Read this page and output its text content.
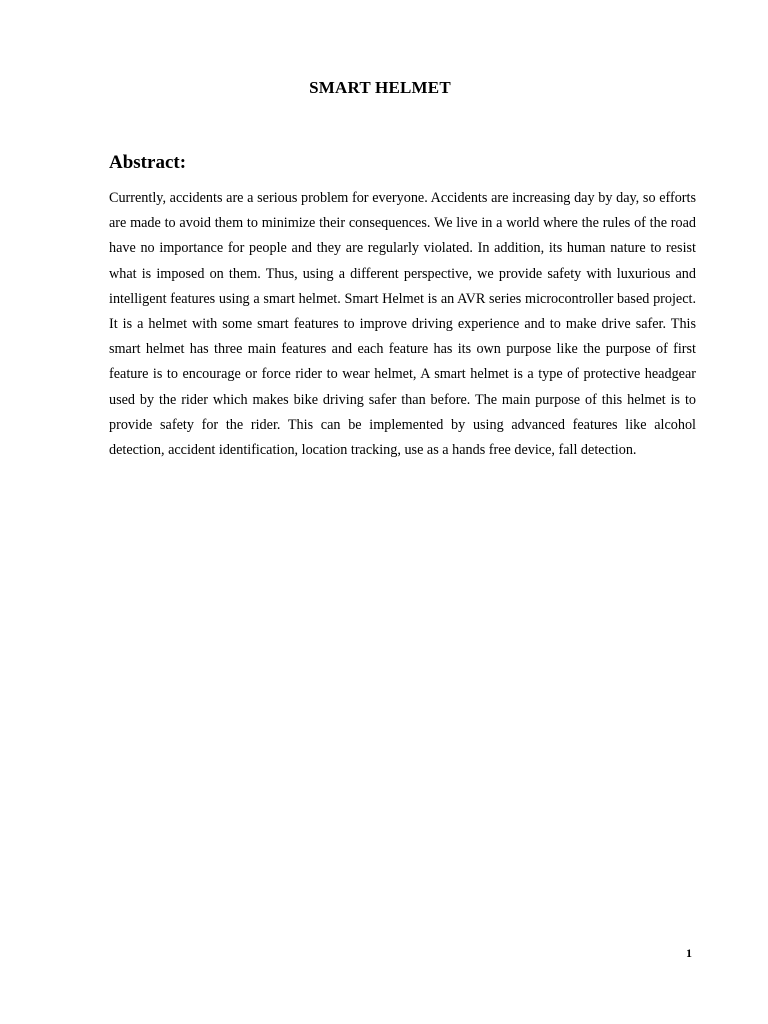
SMART HELMET
Abstract:

Currently, accidents are a serious problem for everyone. Accidents are increasing day by day, so efforts are made to avoid them to minimize their consequences. We live in a world where the rules of the road have no importance for people and they are regularly violated. In addition, its human nature to resist what is imposed on them. Thus, using a different perspective, we provide safety with luxurious and intelligent features using a smart helmet. Smart Helmet is an AVR series microcontroller based project. It is a helmet with some smart features to improve driving experience and to make drive safer. This smart helmet has three main features and each feature has its own purpose like the purpose of first feature is to encourage or force rider to wear helmet, A smart helmet is a type of protective headgear used by the rider which makes bike driving safer than before. The main purpose of this helmet is to provide safety for the rider. This can be implemented by using advanced features like alcohol detection, accident identification, location tracking, use as a hands free device, fall detection.

1
